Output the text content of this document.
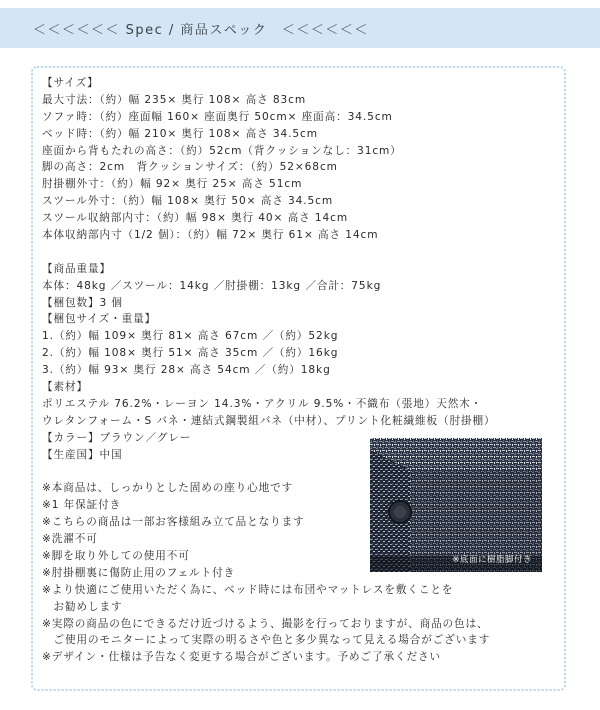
＜＜＜＜＜＜ Spec / 商品スペック　＜＜＜＜＜＜
【サイズ】
最大寸法：（約）幅 235× 奥行 108× 高さ 83cm
ソファ時：（約）座面幅 160× 座面奥行 50cm× 座面高：34.5cm
ベッド時：（約）幅 210× 奥行 108× 高さ 34.5cm
座面から背もたれの高さ：（約）52cm（背クッションなし：31cm）
脚の高さ：2cm　背クッションサイズ：（約）52×68cm
肘掛棚外寸：（約）幅 92× 奥行 25× 高さ 51cm
スツール外寸：（約）幅 108× 奥行 50× 高さ 34.5cm
スツール収納部内寸：（約）幅 98× 奥行 40× 高さ 14cm
本体収納部内寸（1/2 個）：（約）幅 72× 奥行 61× 高さ 14cm
【商品重量】
本体：48kg ／スツール：14kg ／肘掛棚：13kg ／合計：75kg
【梱包数】3 個
【梱包サイズ・重量】
1.（約）幅 109× 奥行 81× 高さ 67cm ／（約）52kg
2.（約）幅 108× 奥行 51× 高さ 35cm ／（約）16kg
3.（約）幅 93× 奥行 28× 高さ 54cm ／（約）18kg
【素材】
ポリエステル 76.2%・レーヨン 14.3%・アクリル 9.5%・不織布（張地）天然木・
ウレタンフォーム・S バネ・連結式鋼製組バネ（中材）、プリント化粧繊維板（肘掛棚）
【カラー】ブラウン／グレー
【生産国】中国
※本商品は、しっかりとした固めの座り心地です
※1 年保証付き
※こちらの商品は一部お客様組み立て品となります
※洗濯不可
※脚を取り外しての使用不可
※肘掛棚裏に傷防止用のフェルト付き
※より快適にご使用いただく為に、ベッド時には布団やマットレスを敷くことを
　お勧めします
※実際の商品の色にできるだけ近づけるよう、撮影を行っておりますが、商品の色は、
　ご使用のモニターによって実際の明るさや色と多少異なって見える場合がございます
※デザイン・仕様は予告なく変更する場合がございます。予めご了承ください
※底面に樹脂脚付き
